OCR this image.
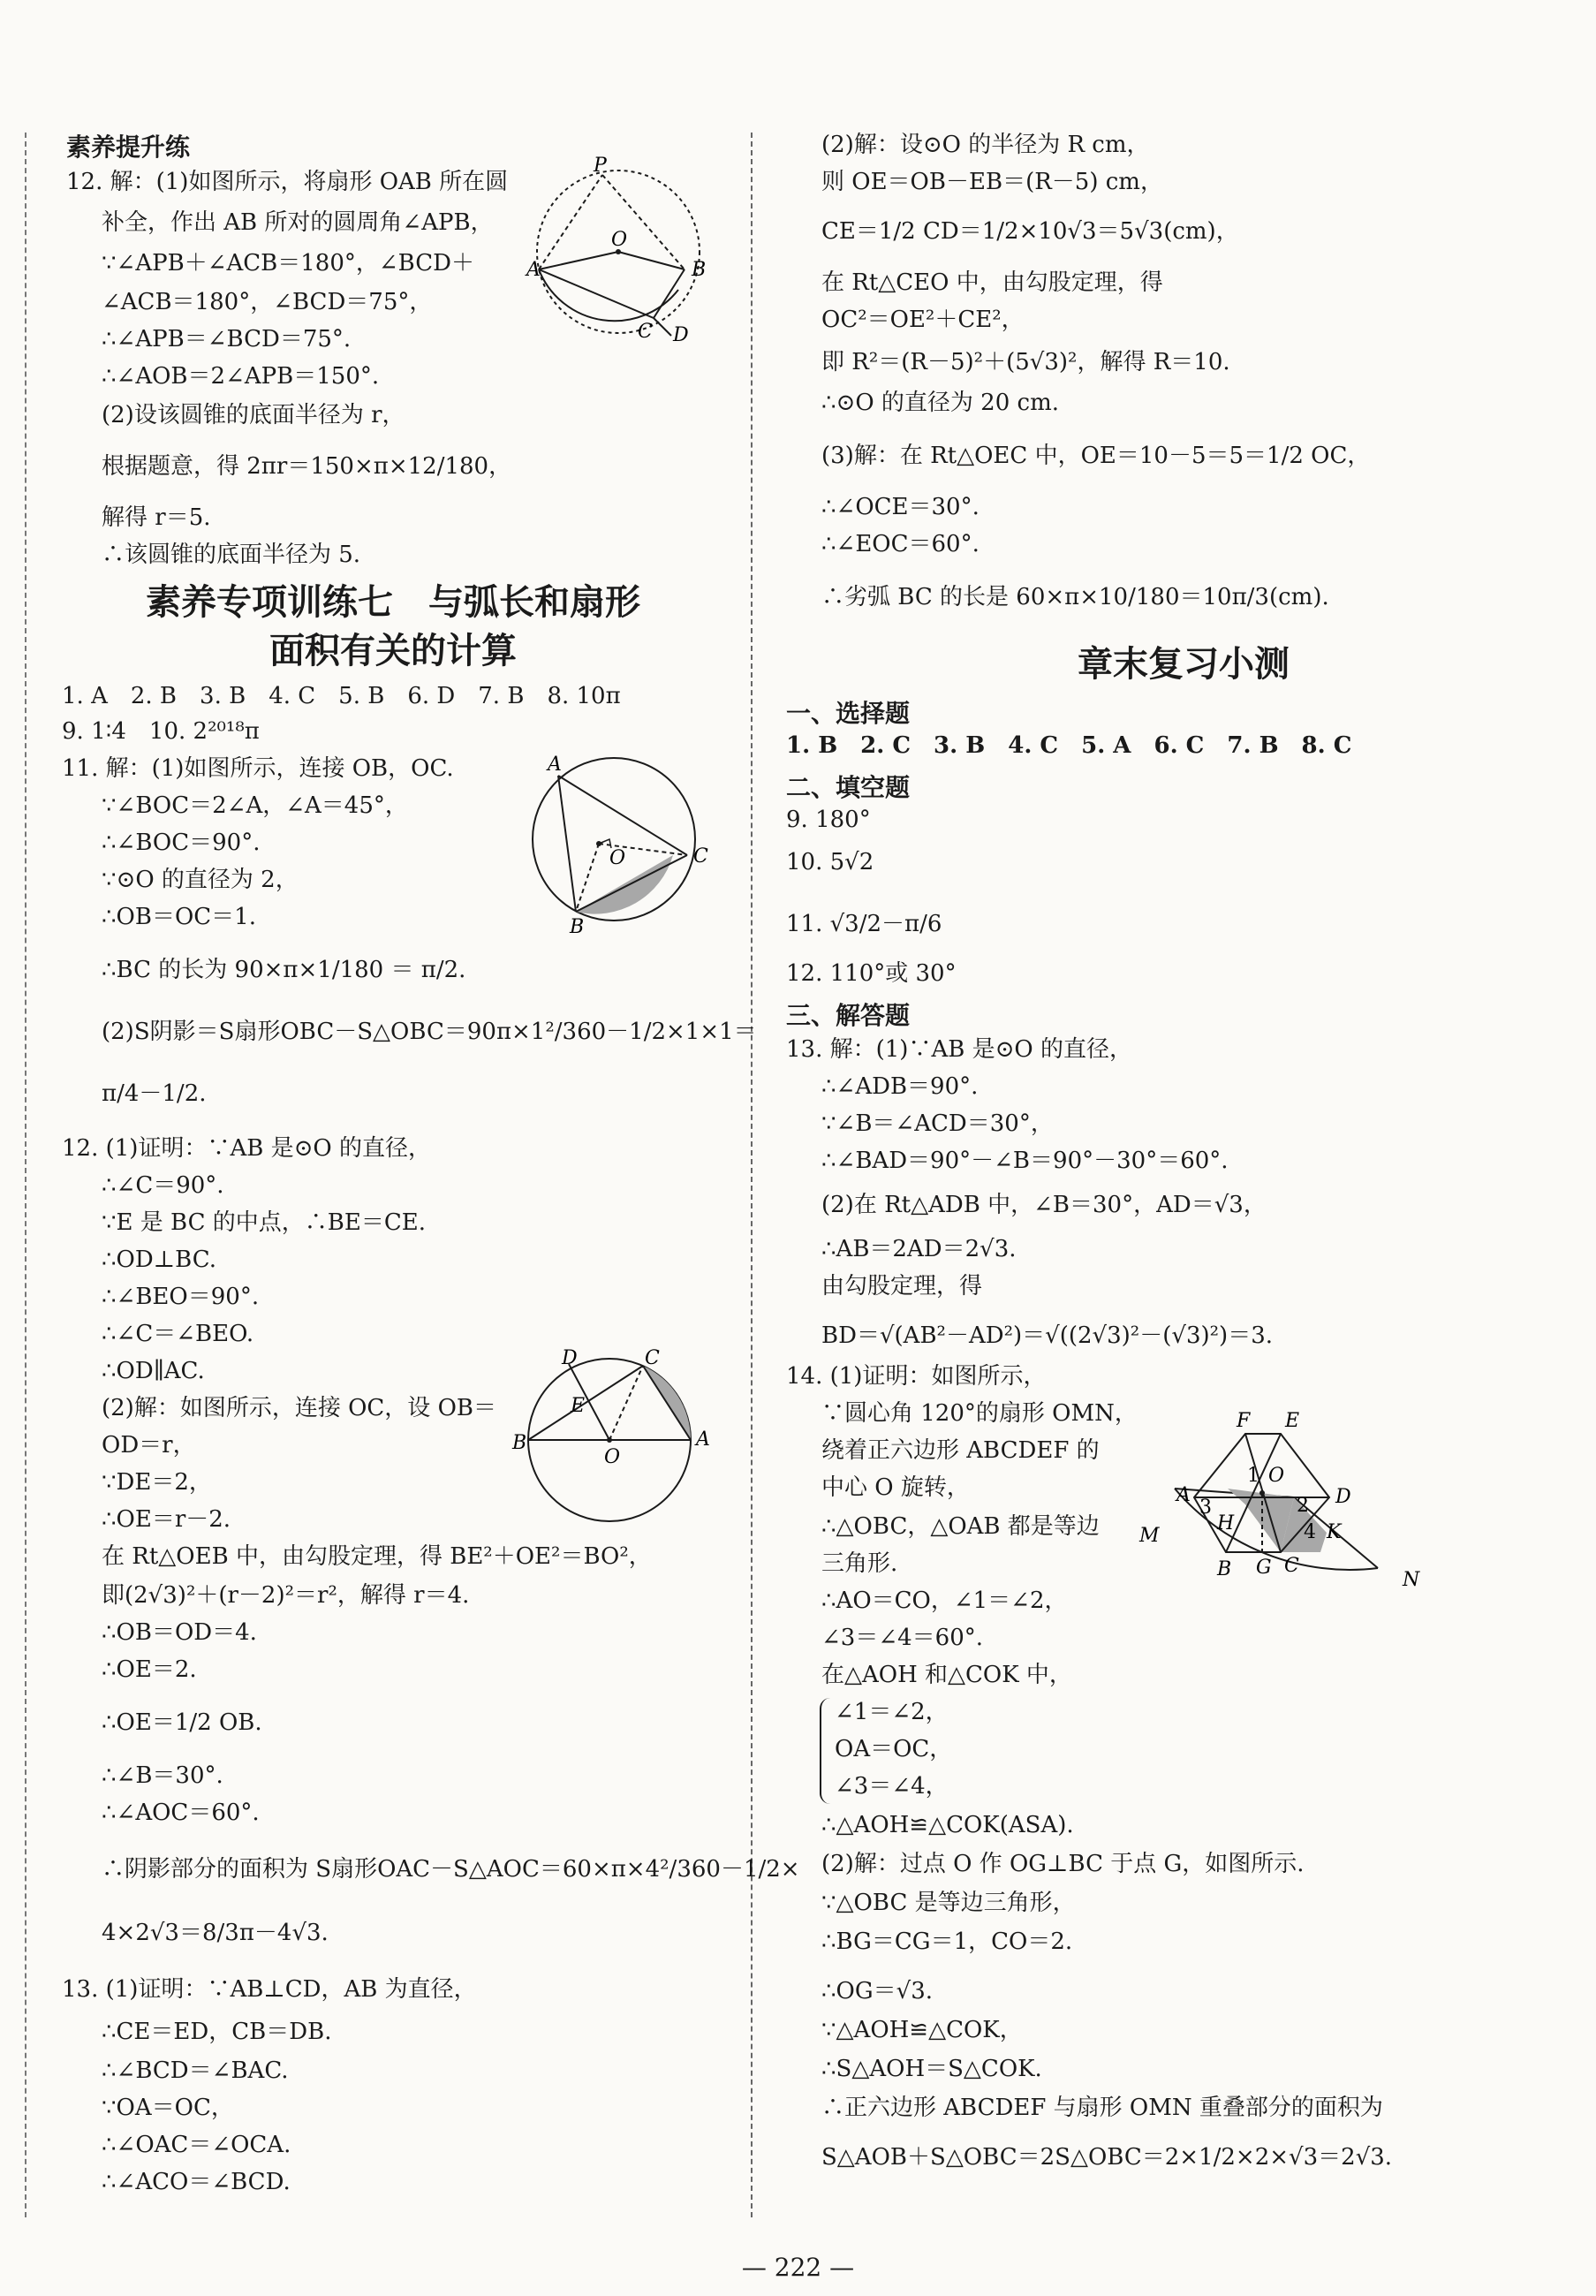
素养提升练
12. 解：(1)如图所示，将扇形 OAB 所在圆
补全，作出 AB 所对的圆周角∠APB，
∵∠APB＋∠ACB＝180°，∠BCD＋
∠ACB＝180°，∠BCD＝75°，
∴∠APB＝∠BCD＝75°.
∴∠AOB＝2∠APB＝150°.
(2)设该圆锥的底面半径为 r，
根据题意，得 2πr＝150×π×12/180，
解得 r＝5.
∴该圆锥的底面半径为 5.
P
O
A	B
C D
素养专项训练七　与弧长和扇形
面积有关的计算
1. A　2. B　3. B　4. C　5. B　6. D　7. B　8. 10π
9. 1∶4　10. 2²⁰¹⁸π
11. 解：(1)如图所示，连接 OB，OC.
∵∠BOC＝2∠A，∠A＝45°，
∴∠BOC＝90°.
∵⊙O 的直径为 2，
∴OB＝OC＝1.
∴BC 的长为 90×π×1/180 ＝ π/2.
(2)S阴影＝S扇形OBC－S△OBC＝90π×1²/360－1/2×1×1＝
π/4－1/2.
A
O	C
B
12. (1)证明：∵AB 是⊙O 的直径，
∴∠C＝90°.
∵E 是 BC 的中点，∴BE＝CE.
∴OD⊥BC.
∴∠BEO＝90°.
∴∠C＝∠BEO.
∴OD∥AC.
(2)解：如图所示，连接 OC，设 OB＝
OD＝r，
∵DE＝2，
∴OE＝r－2.
在 Rt△OEB 中，由勾股定理，得 BE²＋OE²＝BO²，
即(2√3)²＋(r－2)²＝r²，解得 r＝4.
∴OB＝OD＝4.
∴OE＝2.
∴OE＝1/2 OB.
∴∠B＝30°.
∴∠AOC＝60°.
∴阴影部分的面积为 S扇形OAC－S△AOC＝60×π×4²/360－1/2×
4×2√3＝8/3π－4√3.
D	C
E
B
O
A
13. (1)证明：∵AB⊥CD，AB 为直径，
∴CE＝ED，CB＝DB.
∴∠BCD＝∠BAC.
∵OA＝OC，
∴∠OAC＝∠OCA.
∴∠ACO＝∠BCD.
(2)解：设⊙O 的半径为 R cm，
则 OE＝OB－EB＝(R－5) cm，
CE＝1/2 CD＝1/2×10√3＝5√3(cm)，
在 Rt△CEO 中，由勾股定理，得
OC²＝OE²＋CE²，
即 R²＝(R－5)²＋(5√3)²，解得 R＝10.
∴⊙O 的直径为 20 cm.
(3)解：在 Rt△OEC 中，OE＝10－5＝5＝1/2 OC，
∴∠OCE＝30°.
∴∠EOC＝60°.
∴劣弧 BC 的长是 60×π×10/180＝10π/3(cm).
章末复习小测
一、选择题
1. B　2. C　3. B　4. C　5. A　6. C　7. B　8. C
二、填空题
9. 180°
10. 5√2
11. √3/2－π/6
12. 110°或 30°
三、解答题
13. 解：(1)∵AB 是⊙O 的直径，
∴∠ADB＝90°.
∵∠B＝∠ACD＝30°，
∴∠BAD＝90°－∠B＝90°－30°＝60°.
(2)在 Rt△ADB 中，∠B＝30°，AD＝√3，
∴AB＝2AD＝2√3.
由勾股定理，得
BD＝√(AB²－AD²)＝√((2√3)²－(√3)²)＝3.
14. (1)证明：如图所示，
∵圆心角 120°的扇形 OMN，
绕着正六边形 ABCDEF 的
中心 O 旋转，
∴△OBC，△OAB 都是等边
三角形.
∴AO＝CO，∠1＝∠2，
∠3＝∠4＝60°.
在△AOH 和△COK 中，
∠1＝∠2，
OA＝OC，
∠3＝∠4，
∴△AOH≌△COK(ASA).
(2)解：过点 O 作 OG⊥BC 于点 G，如图所示.
∵△OBC 是等边三角形，
∴BG＝CG＝1，CO＝2.
∴OG＝√3.
∵△AOH≌△COK，
∴S△AOH＝S△COK.
∴正六边形 ABCDEF 与扇形 OMN 重叠部分的面积为
S△AOB＋S△OBC＝2S△OBC＝2×1/2×2×√3＝2√3.
F E
1 O
A	D
3	2
H	4 K
M
B G C
N
— 222 —
